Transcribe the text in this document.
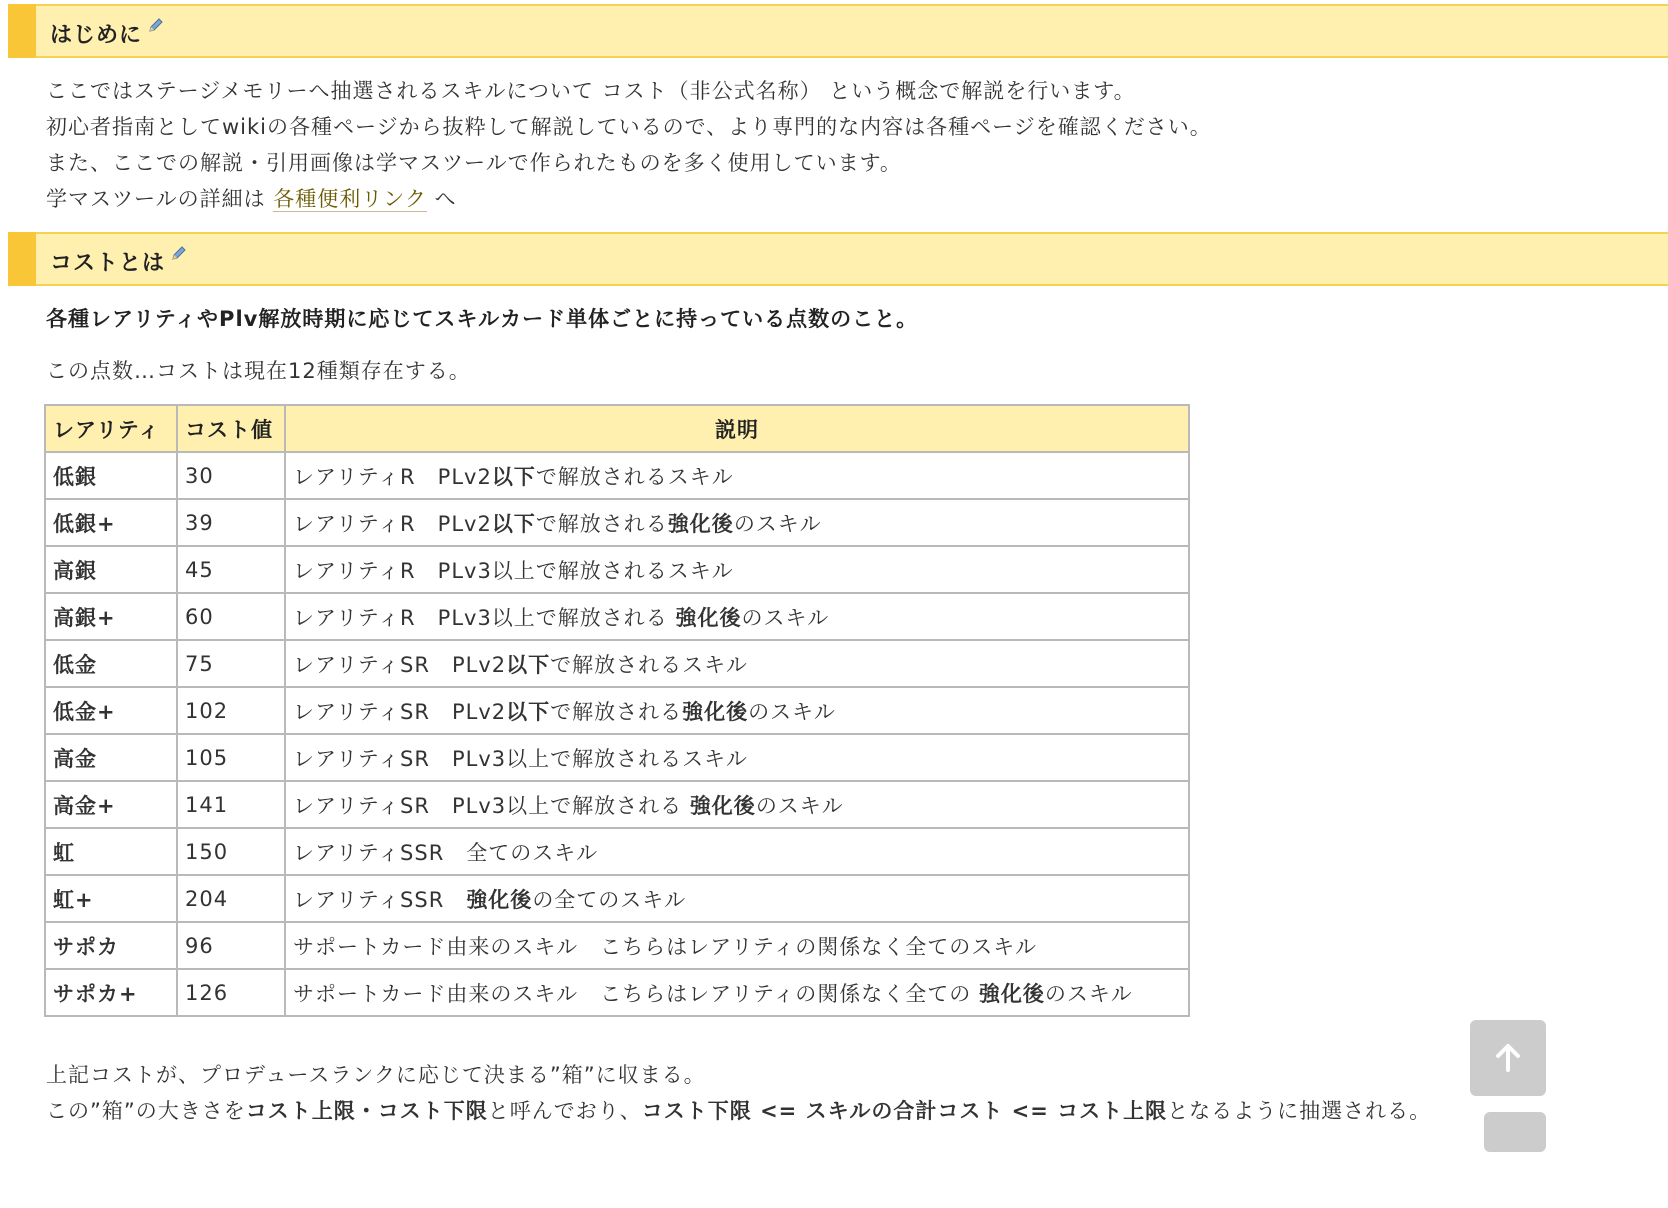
はじめに
ここではステージメモリーへ抽選されるスキルについて コスト（非公式名称） という概念で解説を行います。
初心者指南としてwikiの各種ページから抜粋して解説しているので、より専門的な内容は各種ページを確認ください。
また、ここでの解説・引用画像は学マスツールで作られたものを多く使用しています。
学マスツールの詳細は 各種便利リンク へ
コストとは
各種レアリティやPlv解放時期に応じてスキルカード単体ごとに持っている点数のこと。
この点数…コストは現在12種類存在する。
レアリティ	コスト値	説明
低銀	30	レアリティR　PLv2以下で解放されるスキル
低銀+	39	レアリティR　PLv2以下で解放される強化後のスキル
高銀	45	レアリティR　PLv3以上で解放されるスキル
高銀+	60	レアリティR　PLv3以上で解放される 強化後のスキル
低金	75	レアリティSR　PLv2以下で解放されるスキル
低金+	102	レアリティSR　PLv2以下で解放される強化後のスキル
高金	105	レアリティSR　PLv3以上で解放されるスキル
高金+	141	レアリティSR　PLv3以上で解放される 強化後のスキル
虹	150	レアリティSSR　全てのスキル
虹+	204	レアリティSSR　強化後の全てのスキル
サポカ	96	サポートカード由来のスキル　こちらはレアリティの関係なく全てのスキル
サポカ+	126	サポートカード由来のスキル　こちらはレアリティの関係なく全ての 強化後のスキル
上記コストが、プロデュースランクに応じて決まる”箱”に収まる。
この”箱”の大きさをコスト上限・コスト下限と呼んでおり、コスト下限 <= スキルの合計コスト <= コスト上限となるように抽選される。
